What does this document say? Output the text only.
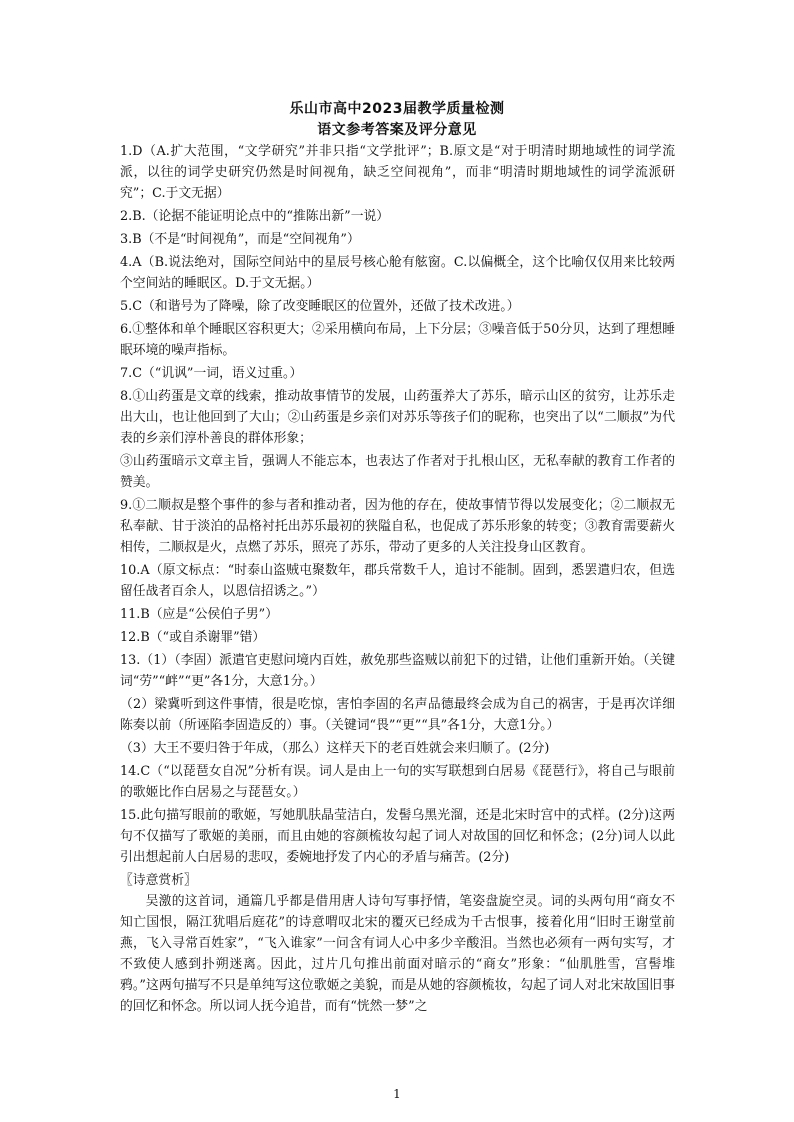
乐山市高中2023届教学质量检测
语文参考答案及评分意见

1.D（A.扩大范围，“文学研究”并非只指“文学批评”；B.原文是“对于明清时期地域性的词学流派，以往的词学史研究仍然是时间视角，缺乏空间视角”，而非“明清时期地域性的词学流派研究”；C.于文无据）

2.B.（论据不能证明论点中的“推陈出新”一说）

3.B（不是“时间视角”，而是“空间视角”）

4.A（B.说法绝对，国际空间站中的星辰号核心舱有舷窗。C.以偏概全，这个比喻仅仅用来比较两个空间站的睡眠区。D.于文无据。）

5.C（和谐号为了降噪，除了改变睡眠区的位置外，还做了技术改进。）

6.①整体和单个睡眠区容积更大；②采用横向布局，上下分层；③噪音低于50分贝，达到了理想睡眠环境的噪声指标。

7.C（“讥讽”一词，语义过重。）

8.①山药蛋是文章的线索，推动故事情节的发展，山药蛋养大了苏乐，暗示山区的贫穷，让苏乐走出大山，也让他回到了大山；②山药蛋是乡亲们对苏乐等孩子们的昵称，也突出了以“二顺叔”为代表的乡亲们淳朴善良的群体形象；

③山药蛋暗示文章主旨，强调人不能忘本，也表达了作者对于扎根山区，无私奉献的教育工作者的赞美。

9.①二顺叔是整个事件的参与者和推动者，因为他的存在，使故事情节得以发展变化；②二顺叔无私奉献、甘于淡泊的品格衬托出苏乐最初的狭隘自私，也促成了苏乐形象的转变；③教育需要薪火相传，二顺叔是火，点燃了苏乐，照亮了苏乐，带动了更多的人关注投身山区教育。

10.A（原文标点：“时泰山盗贼屯聚数年，郡兵常数千人，追讨不能制。固到，悉罢遣归农，但选留任战者百余人，以恩信招诱之。”）

11.B（应是“公侯伯子男”）

12.B（“或自杀谢罪”错）

13.（1）（李固）派遣官吏慰问境内百姓，赦免那些盗贼以前犯下的过错，让他们重新开始。（关键词“劳”“衅”“更”各1分，大意1分。）

（2）梁冀听到这件事情，很是吃惊，害怕李固的名声品德最终会成为自己的祸害，于是再次详细陈奏以前（所诬陷李固造反的）事。（关键词“畏”“更”“具”各1分，大意1分。）

（3）大王不要归咎于年成，（那么）这样天下的老百姓就会来归顺了。(2分)

14.C（“以琵琶女自况”分析有误。词人是由上一句的实写联想到白居易《琵琶行》，将自己与眼前的歌姬比作白居易之与琵琶女。）

15.此句描写眼前的歌姬，写她肌肤晶莹洁白，发髻乌黑光溜，还是北宋时宫中的式样。(2分)这两句不仅描写了歌姬的美丽，而且由她的容颜梳妆勾起了词人对故国的回忆和怀念；(2分)词人以此引出想起前人白居易的悲叹，委婉地抒发了内心的矛盾与痛苦。(2分)

〖诗意赏析〗

吴激的这首词，通篇几乎都是借用唐人诗句写事抒情，笔姿盘旋空灵。词的头两句用“商女不知亡国恨，隔江犹唱后庭花”的诗意喟叹北宋的覆灭已经成为千古恨事，接着化用“旧时王谢堂前燕，飞入寻常百姓家”，“飞入谁家”一问含有词人心中多少辛酸泪。当然也必须有一两句实写，才不致使人感到扑朔迷离。因此，过片几句推出前面对暗示的“商女”形象：“仙肌胜雪，宫髻堆鸦。”这两句描写不只是单纯写这位歌姬之美貌，而是从她的容颜梳妆，勾起了词人对北宋故国旧事的回忆和怀念。所以词人抚今追昔，而有“恍然一梦”之

1
